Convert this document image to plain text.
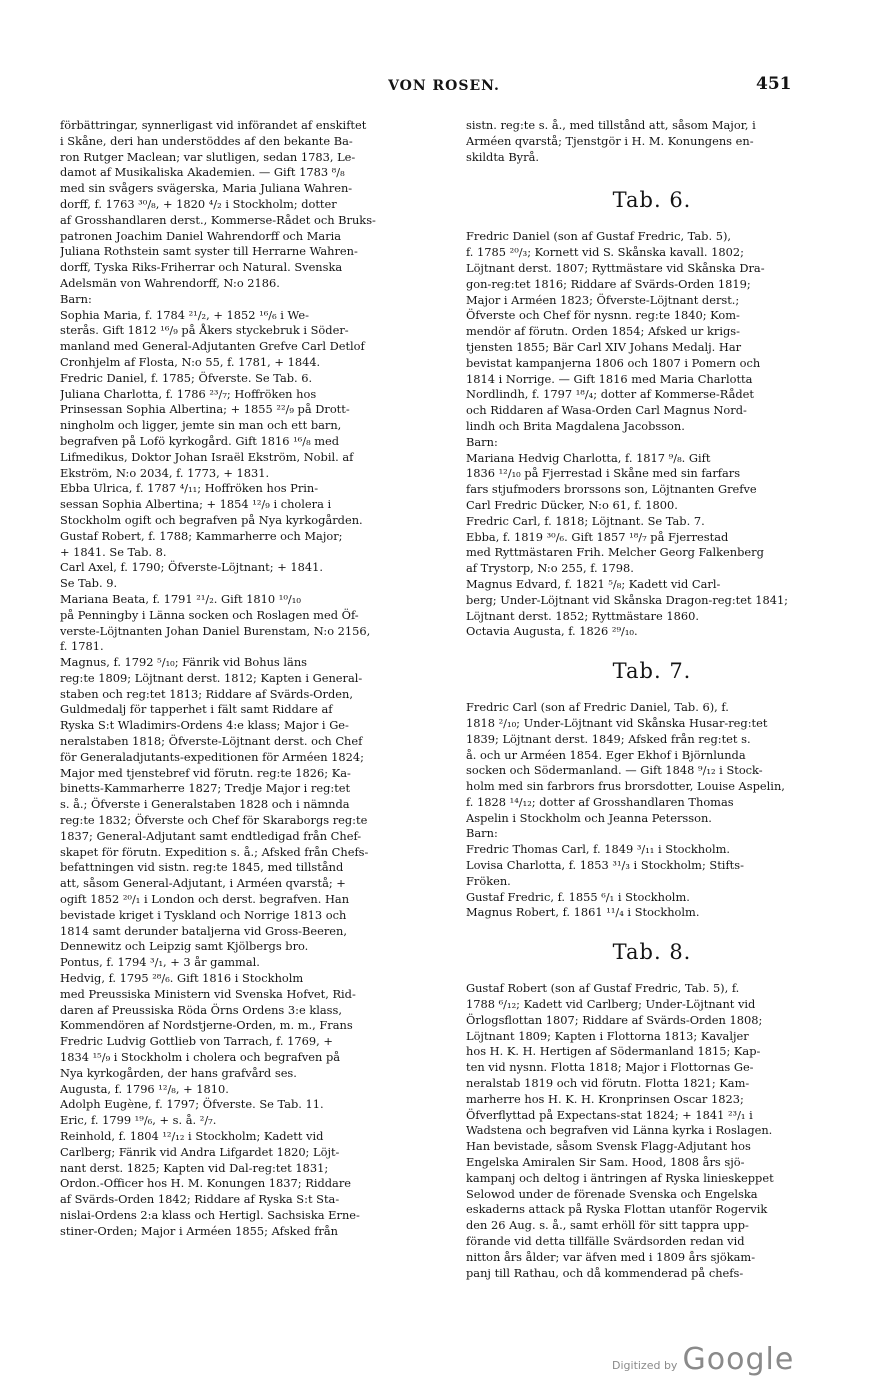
VON ROSEN.	451
förbättringar, synnerligast vid införandet af enskiftet
i Skåne, deri han understöddes af den bekante Ba-
ron Rutger Maclean; var slutligen, sedan 1783, Le-
damot af Musikaliska Akademien. — Gift 1783 ⁸/₈
med sin svågers svägerska, Maria Juliana Wahren-
dorff, f. 1763 ³⁰/₈, + 1820 ⁴/₂ i Stockholm; dotter
af Grosshandlaren derst., Kommerse-Rådet och Bruks-
patronen Joachim Daniel Wahrendorff och Maria
Juliana Rothstein samt syster till Herrarne Wahren-
dorff, Tyska Riks-Friherrar och Natural. Svenska
Adelsmän von Wahrendorff, N:o 2186.
Barn:
Sophia Maria, f. 1784 ²¹/₂, + 1852 ¹⁶/₆ i We-
sterås. Gift 1812 ¹⁶/₉ på Åkers styckebruk i Söder-
manland med General-Adjutanten Grefve Carl Detlof
Cronhjelm af Flosta, N:o 55, f. 1781, + 1844.
Fredric Daniel, f. 1785; Öfverste. Se Tab. 6.
Juliana Charlotta, f. 1786 ²³/₇; Hoffröken hos
Prinsessan Sophia Albertina; + 1855 ²²/₉ på Drott-
ningholm och ligger, jemte sin man och ett barn,
begrafven på Lofö kyrkogård. Gift 1816 ¹⁶/₈ med
Lifmedikus, Doktor Johan Israël Ekström, Nobil. af
Ekström, N:o 2034, f. 1773, + 1831.
Ebba Ulrica, f. 1787 ⁴/₁₁; Hoffröken hos Prin-
sessan Sophia Albertina; + 1854 ¹²/₉ i cholera i
Stockholm ogift och begrafven på Nya kyrkogården.
Gustaf Robert, f. 1788; Kammarherre och Major;
+ 1841. Se Tab. 8.
Carl Axel, f. 1790; Öfverste-Löjtnant; + 1841.
Se Tab. 9.
Mariana Beata, f. 1791 ²¹/₂. Gift 1810 ¹⁰/₁₀
på Penningby i Länna socken och Roslagen med Öf-
verste-Löjtnanten Johan Daniel Burenstam, N:o 2156,
f. 1781.
Magnus, f. 1792 ⁵/₁₀; Fänrik vid Bohus läns
reg:te 1809; Löjtnant derst. 1812; Kapten i General-
staben och reg:tet 1813; Riddare af Svärds-Orden,
Guldmedalj för tapperhet i fält samt Riddare af
Ryska S:t Wladimirs-Ordens 4:e klass; Major i Ge-
neralstaben 1818; Öfverste-Löjtnant derst. och Chef
för Generaladjutants-expeditionen för Arméen 1824;
Major med tjenstebref vid förutn. reg:te 1826; Ka-
binetts-Kammarherre 1827; Tredje Major i reg:tet
s. å.; Öfverste i Generalstaben 1828 och i nämnda
reg:te 1832; Öfverste och Chef för Skaraborgs reg:te
1837; General-Adjutant samt endtledigad från Chef-
skapet för förutn. Expedition s. å.; Afsked från Chefs-
befattningen vid sistn. reg:te 1845, med tillstånd
att, såsom General-Adjutant, i Arméen qvarstå; +
ogift 1852 ²⁰/₁ i London och derst. begrafven. Han
bevistade kriget i Tyskland och Norrige 1813 och
1814 samt derunder bataljerna vid Gross-Beeren,
Dennewitz och Leipzig samt Kjölbergs bro.
Pontus, f. 1794 ³/₁, + 3 år gammal.
Hedvig, f. 1795 ²⁸/₆. Gift 1816 i Stockholm
med Preussiska Ministern vid Svenska Hofvet, Rid-
daren af Preussiska Röda Örns Ordens 3:e klass,
Kommendören af Nordstjerne-Orden, m. m., Frans
Fredric Ludvig Gottlieb von Tarrach, f. 1769, +
1834 ¹⁵/₉ i Stockholm i cholera och begrafven på
Nya kyrkogården, der hans grafvård ses.
Augusta, f. 1796 ¹²/₈, + 1810.
Adolph Eugène, f. 1797; Öfverste. Se Tab. 11.
Eric, f. 1799 ¹⁹/₆, + s. å. ²/₇.
Reinhold, f. 1804 ¹²/₁₂ i Stockholm; Kadett vid
Carlberg; Fänrik vid Andra Lifgardet 1820; Löjt-
nant derst. 1825; Kapten vid Dal-reg:tet 1831;
Ordon.-Officer hos H. M. Konungen 1837; Riddare
af Svärds-Orden 1842; Riddare af Ryska S:t Sta-
nislai-Ordens 2:a klass och Hertigl. Sachsiska Erne-
stiner-Orden; Major i Arméen 1855; Afsked från
sistn. reg:te s. å., med tillstånd att, såsom Major, i
Arméen qvarstå; Tjenstgör i H. M. Konungens en-
skildta Byrå.
Tab. 6.
Fredric Daniel (son af Gustaf Fredric, Tab. 5),
f. 1785 ²⁰/₃; Kornett vid S. Skånska kavall. 1802;
Löjtnant derst. 1807; Ryttmästare vid Skånska Dra-
gon-reg:tet 1816; Riddare af Svärds-Orden 1819;
Major i Arméen 1823; Öfverste-Löjtnant derst.;
Öfverste och Chef för nysnn. reg:te 1840; Kom-
mendör af förutn. Orden 1854; Afsked ur krigs-
tjensten 1855; Bär Carl XIV Johans Medalj. Har
bevistat kampanjerna 1806 och 1807 i Pomern och
1814 i Norrige. — Gift 1816 med Maria Charlotta
Nordlindh, f. 1797 ¹⁸/₄; dotter af Kommerse-Rådet
och Riddaren af Wasa-Orden Carl Magnus Nord-
lindh och Brita Magdalena Jacobsson.
Barn:
Mariana Hedvig Charlotta, f. 1817 ⁹/₈. Gift
1836 ¹²/₁₀ på Fjerrestad i Skåne med sin farfars
fars stjufmoders brorssons son, Löjtnanten Grefve
Carl Fredric Dücker, N:o 61, f. 1800.
Fredric Carl, f. 1818; Löjtnant. Se Tab. 7.
Ebba, f. 1819 ³⁰/₆. Gift 1857 ¹⁸/₇ på Fjerrestad
med Ryttmästaren Frih. Melcher Georg Falkenberg
af Trystorp, N:o 255, f. 1798.
Magnus Edvard, f. 1821 ⁵/₈; Kadett vid Carl-
berg; Under-Löjtnant vid Skånska Dragon-reg:tet 1841;
Löjtnant derst. 1852; Ryttmästare 1860.
Octavia Augusta, f. 1826 ²⁹/₁₀.
Tab. 7.
Fredric Carl (son af Fredric Daniel, Tab. 6), f.
1818 ²/₁₀; Under-Löjtnant vid Skånska Husar-reg:tet
1839; Löjtnant derst. 1849; Afsked från reg:tet s.
å. och ur Arméen 1854. Eger Ekhof i Björnlunda
socken och Södermanland. — Gift 1848 ⁹/₁₂ i Stock-
holm med sin farbrors frus brorsdotter, Louise Aspelin,
f. 1828 ¹⁴/₁₂; dotter af Grosshandlaren Thomas
Aspelin i Stockholm och Jeanna Petersson.
Barn:
Fredric Thomas Carl, f. 1849 ³/₁₁ i Stockholm.
Lovisa Charlotta, f. 1853 ³¹/₃ i Stockholm; Stifts-
Fröken.
Gustaf Fredric, f. 1855 ⁶/₁ i Stockholm.
Magnus Robert, f. 1861 ¹¹/₄ i Stockholm.
Tab. 8.
Gustaf Robert (son af Gustaf Fredric, Tab. 5), f.
1788 ⁶/₁₂; Kadett vid Carlberg; Under-Löjtnant vid
Örlogsflottan 1807; Riddare af Svärds-Orden 1808;
Löjtnant 1809; Kapten i Flottorna 1813; Kavaljer
hos H. K. H. Hertigen af Södermanland 1815; Kap-
ten vid nysnn. Flotta 1818; Major i Flottornas Ge-
neralstab 1819 och vid förutn. Flotta 1821; Kam-
marherre hos H. K. H. Kronprinsen Oscar 1823;
Öfverflyttad på Expectans-stat 1824; + 1841 ²³/₁ i
Wadstena och begrafven vid Länna kyrka i Roslagen.
Han bevistade, såsom Svensk Flagg-Adjutant hos
Engelska Amiralen Sir Sam. Hood, 1808 års sjö-
kampanj och deltog i äntringen af Ryska linieskeppet
Selowod under de förenade Svenska och Engelska
eskaderns attack på Ryska Flottan utanför Rogervik
den 26 Aug. s. å., samt erhöll för sitt tappra upp-
förande vid detta tillfälle Svärdsorden redan vid
nitton års ålder; var äfven med i 1809 års sjökam-
panj till Rathau, och då kommenderad på chefs-
Digitized by Google
